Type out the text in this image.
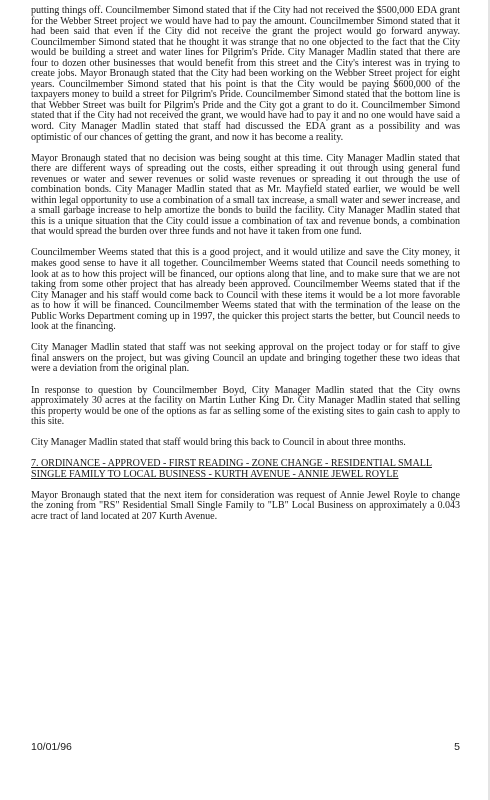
putting things off. Councilmember Simond stated that if the City had not received the $500,000 EDA grant for the Webber Street project we would have had to pay the amount. Councilmember Simond stated that it had been said that even if the City did not receive the grant the project would go forward anyway. Councilmember Simond stated that he thought it was strange that no one objected to the fact that the City would be building a street and water lines for Pilgrim's Pride. City Manager Madlin stated that there are four to dozen other businesses that would benefit from this street and the City's interest was in trying to create jobs. Mayor Bronaugh stated that the City had been working on the Webber Street project for eight years. Councilmember Simond stated that his point is that the City would be paying $600,000 of the taxpayers money to build a street for Pilgrim's Pride. Councilmember Simond stated that the bottom line is that Webber Street was built for Pilgrim's Pride and the City got a grant to do it. Councilmember Simond stated that if the City had not received the grant, we would have had to pay it and no one would have said a word. City Manager Madlin stated that staff had discussed the EDA grant as a possibility and was optimistic of our chances of getting the grant, and now it has become a reality.

Mayor Bronaugh stated that no decision was being sought at this time. City Manager Madlin stated that there are different ways of spreading out the costs, either spreading it out through using general fund revenues or water and sewer revenues or solid waste revenues or spreading it out through the use of combination bonds. City Manager Madlin stated that as Mr. Mayfield stated earlier, we would be well within legal opportunity to use a combination of a small tax increase, a small water and sewer increase, and a small garbage increase to help amortize the bonds to build the facility. City Manager Madlin stated that this is a unique situation that the City could issue a combination of tax and revenue bonds, a combination that would spread the burden over three funds and not have it taken from one fund.

Councilmember Weems stated that this is a good project, and it would utilize and save the City money, it makes good sense to have it all together. Councilmember Weems stated that Council needs something to look at as to how this project will be financed, our options along that line, and to make sure that we are not taking from some other project that has already been approved. Councilmember Weems stated that if the City Manager and his staff would come back to Council with these items it would be a lot more favorable as to how it will be financed. Councilmember Weems stated that with the termination of the lease on the Public Works Department coming up in 1997, the quicker this project starts the better, but Council needs to look at the financing.

City Manager Madlin stated that staff was not seeking approval on the project today or for staff to give final answers on the project, but was giving Council an update and bringing together these two ideas that were a deviation from the original plan.

In response to question by Councilmember Boyd, City Manager Madlin stated that the City owns approximately 30 acres at the facility on Martin Luther King Dr. City Manager Madlin stated that selling this property would be one of the options as far as selling some of the existing sites to gain cash to apply to this site.

City Manager Madlin stated that staff would bring this back to Council in about three months.

7. ORDINANCE - APPROVED - FIRST READING - ZONE CHANGE - RESIDENTIAL SMALL SINGLE FAMILY TO LOCAL BUSINESS - KURTH AVENUE - ANNIE JEWEL ROYLE

Mayor Bronaugh stated that the next item for consideration was request of Annie Jewel Royle to change the zoning from "RS" Residential Small Single Family to "LB" Local Business on approximately a 0.043 acre tract of land located at 207 Kurth Avenue.

10/01/96	5
